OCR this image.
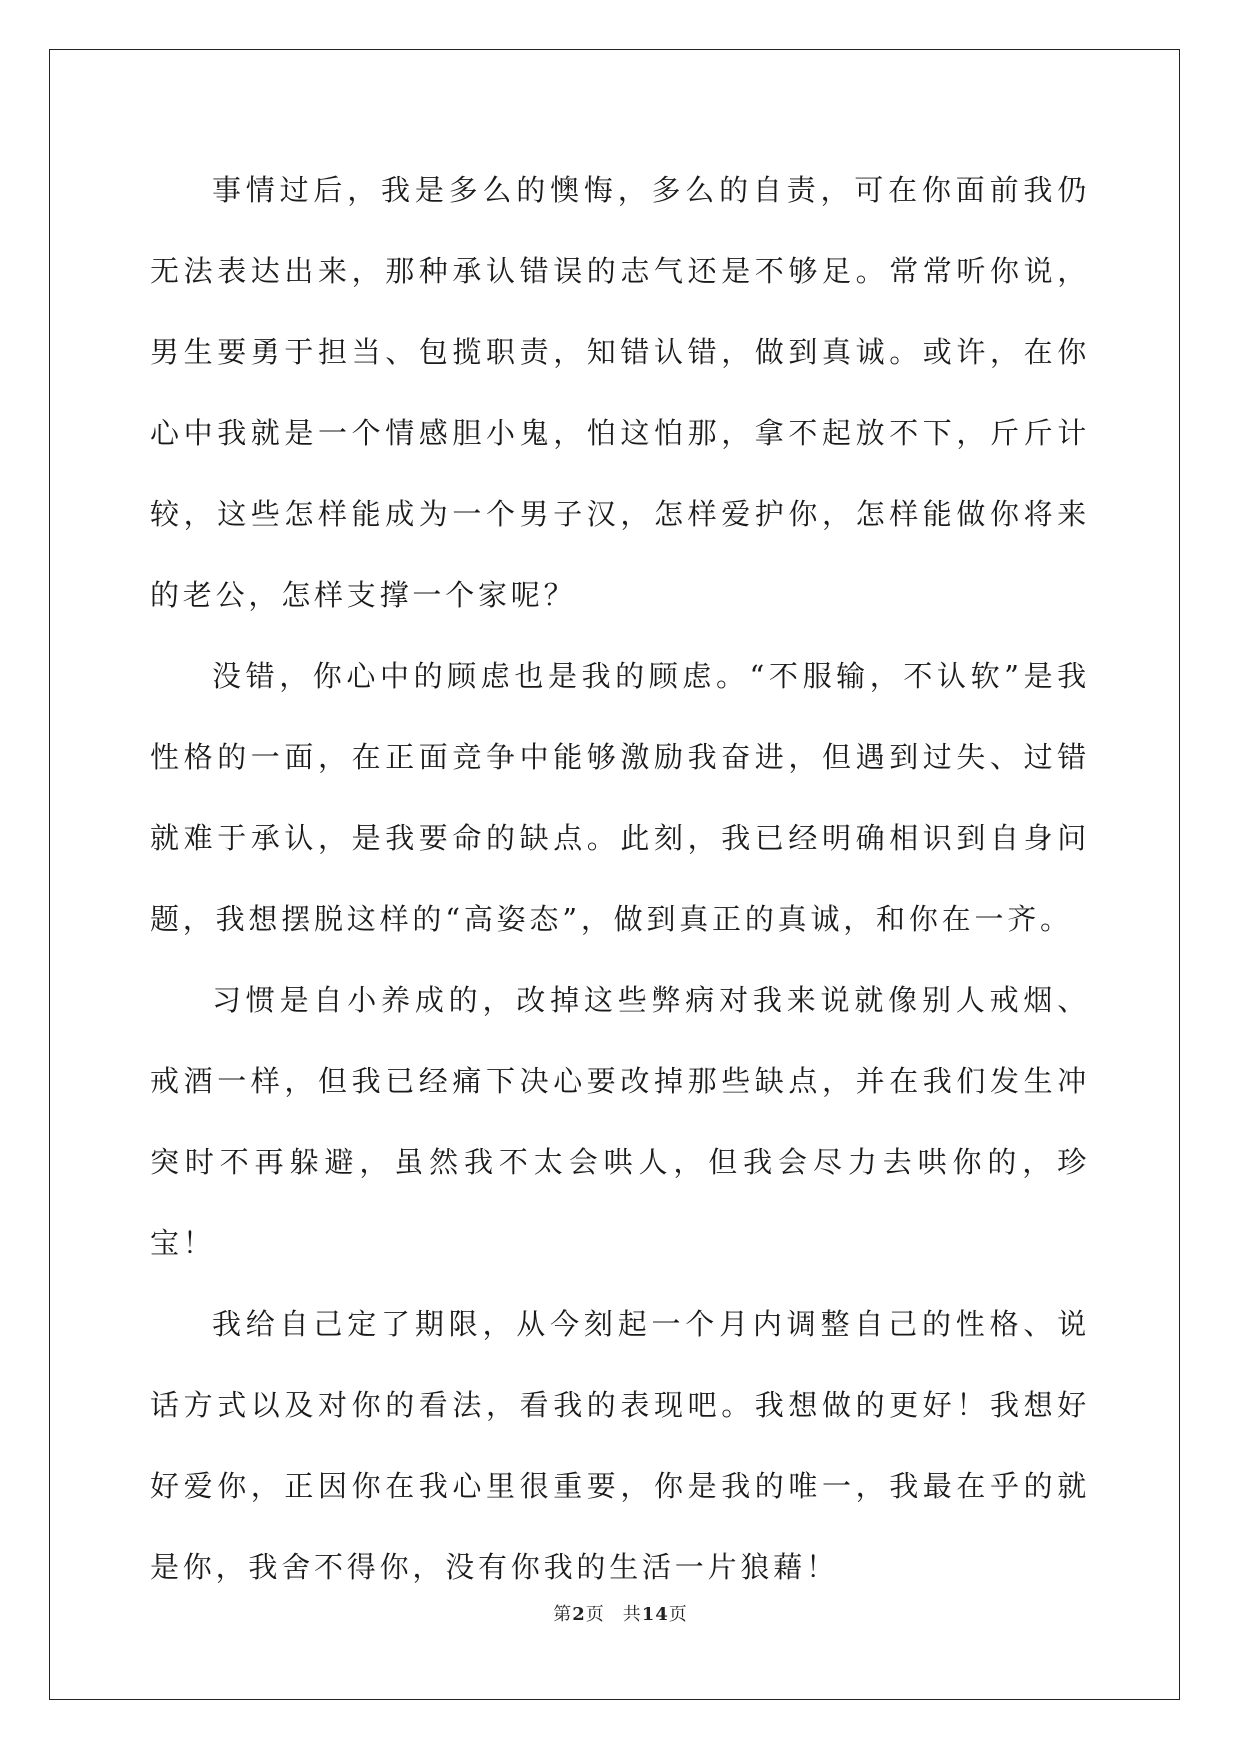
事情过后，我是多么的懊悔，多么的自责，可在你面前我仍无法表达出来，那种承认错误的志气还是不够足。常常听你说，男生要勇于担当、包揽职责，知错认错，做到真诚。或许，在你心中我就是一个情感胆小鬼，怕这怕那，拿不起放不下，斤斤计较，这些怎样能成为一个男子汉，怎样爱护你，怎样能做你将来的老公，怎样支撑一个家呢？

没错，你心中的顾虑也是我的顾虑。“不服输，不认软”是我性格的一面，在正面竞争中能够激励我奋进，但遇到过失、过错就难于承认，是我要命的缺点。此刻，我已经明确相识到自身问题，我想摆脱这样的“高姿态”，做到真正的真诚，和你在一齐。

习惯是自小养成的，改掉这些弊病对我来说就像别人戒烟、戒酒一样，但我已经痛下决心要改掉那些缺点，并在我们发生冲突时不再躲避，虽然我不太会哄人，但我会尽力去哄你的，珍宝！

我给自己定了期限，从今刻起一个月内调整自己的性格、说话方式以及对你的看法，看我的表现吧。我想做的更好！我想好好爱你，正因你在我心里很重要，你是我的唯一，我最在乎的就是你，我舍不得你，没有你我的生活一片狼藉！

第2页 共14页
